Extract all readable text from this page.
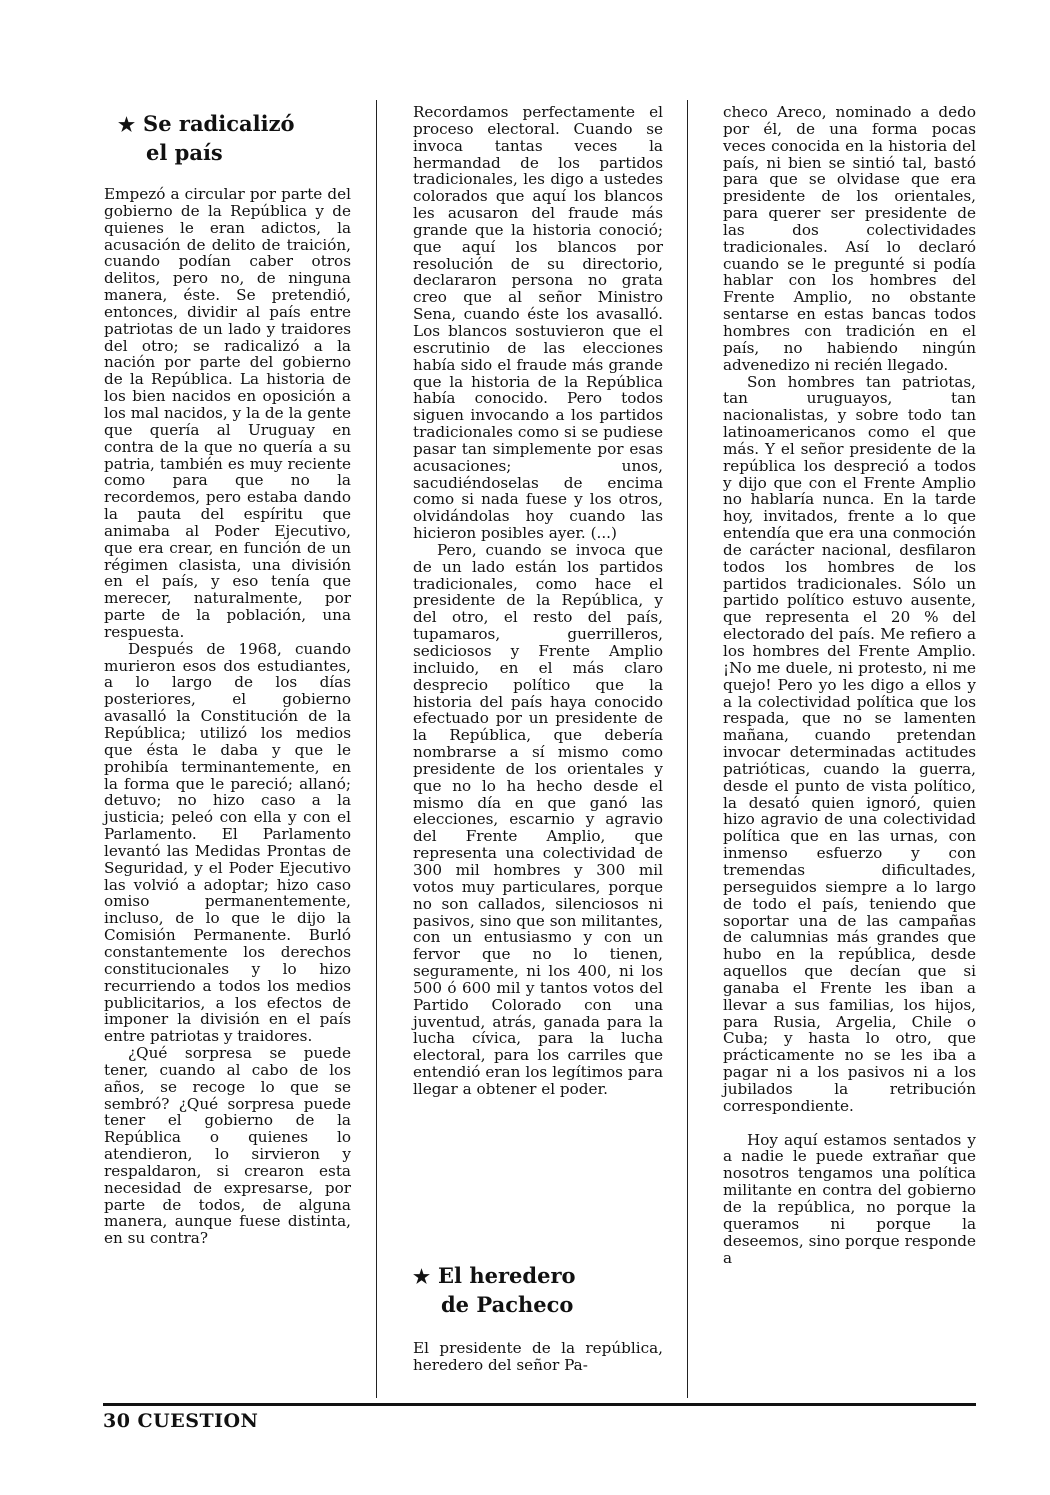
★ Se radicalizó
el país

Empezó a circular por parte del gobierno de la República y de quienes le eran adictos, la acusación de delito de traición, cuando podían caber otros delitos, pero no, de ninguna manera, éste. Se pretendió, entonces, dividir al país entre patriotas de un lado y traidores del otro; se radicalizó a la nación por parte del gobierno de la República. La historia de los bien nacidos en oposición a los mal nacidos, y la de la gente que quería al Uruguay en contra de la que no quería a su patria, también es muy reciente como para que no la recordemos, pero estaba dando la pauta del espíritu que animaba al Poder Ejecutivo, que era crear, en función de un régimen clasista, una división en el país, y eso tenía que merecer, naturalmente, por parte de la población, una respuesta.

Después de 1968, cuando murieron esos dos estudiantes, a lo largo de los días posteriores, el gobierno avasalló la Constitución de la República; utilizó los medios que ésta le daba y que le prohibía terminantemente, en la forma que le pareció; allanó; detuvo; no hizo caso a la justicia; peleó con ella y con el Parlamento. El Parlamento levantó las Medidas Prontas de Seguridad, y el Poder Ejecutivo las volvió a adoptar; hizo caso omiso permanentemente, incluso, de lo que le dijo la Comisión Permanente. Burló constantemente los derechos constitucionales y lo hizo recurriendo a todos los medios publicitarios, a los efectos de imponer la división en el país entre patriotas y traidores.

¿Qué sorpresa se puede tener, cuando al cabo de los años, se recoge lo que se sembró? ¿Qué sorpresa puede tener el gobierno de la República o quienes lo atendieron, lo sirvieron y respaldaron, si crearon esta necesidad de expresarse, por parte de todos, de alguna manera, aunque fuese distinta, en su contra?

Recordamos perfectamente el proceso electoral. Cuando se invoca tantas veces la hermandad de los partidos tradicionales, les digo a ustedes colorados que aquí los blancos les acusaron del fraude más grande que la historia conoció; que aquí los blancos por resolución de su directorio, declararon persona no grata creo que al señor Ministro Sena, cuando éste los avasalló. Los blancos sostuvieron que el escrutinio de las elecciones había sido el fraude más grande que la historia de la República había conocido. Pero todos siguen invocando a los partidos tradicionales como si se pudiese pasar tan simplemente por esas acusaciones; unos, sacudiéndoselas de encima como si nada fuese y los otros, olvidándolas hoy cuando las hicieron posibles ayer. (...)

Pero, cuando se invoca que de un lado están los partidos tradicionales, como hace el presidente de la República, y del otro, el resto del país, tupamaros, guerrilleros, sediciosos y Frente Amplio incluido, en el más claro desprecio político que la historia del país haya conocido efectuado por un presidente de la República, que debería nombrarse a sí mismo como presidente de los orientales y que no lo ha hecho desde el mismo día en que ganó las elecciones, escarnio y agravio del Frente Amplio, que representa una colectividad de 300 mil hombres y 300 mil votos muy particulares, porque no son callados, silenciosos ni pasivos, sino que son militantes, con un entusiasmo y con un fervor que no lo tienen, seguramente, ni los 400, ni los 500 ó 600 mil y tantos votos del Partido Colorado con una juventud, atrás, ganada para la lucha cívica, para la lucha electoral, para los carriles que entendió eran los legítimos para llegar a obtener el poder.

★ El heredero
de Pacheco

El presidente de la república, heredero del señor Pa-

checo Areco, nominado a dedo por él, de una forma pocas veces conocida en la historia del país, ni bien se sintió tal, bastó para que se olvidase que era presidente de los orientales, para querer ser presidente de las dos colectividades tradicionales. Así lo declaró cuando se le pregunté si podía hablar con los hombres del Frente Amplio, no obstante sentarse en estas bancas todos hombres con tradición en el país, no habiendo ningún advenedizo ni recién llegado.

Son hombres tan patriotas, tan uruguayos, tan nacionalistas, y sobre todo tan latinoamericanos como el que más. Y el señor presidente de la república los despreció a todos y dijo que con el Frente Amplio no hablaría nunca. En la tarde hoy, invitados, frente a lo que entendía que era una conmoción de carácter nacional, desfilaron todos los hombres de los partidos tradicionales. Sólo un partido político estuvo ausente, que representa el 20 % del electorado del país. Me refiero a los hombres del Frente Amplio. ¡No me duele, ni protesto, ni me quejo! Pero yo les digo a ellos y a la colectividad política que los respada, que no se lamenten mañana, cuando pretendan invocar determinadas actitudes patrióticas, cuando la guerra, desde el punto de vista político, la desató quien ignoró, quien hizo agravio de una colectividad política que en las urnas, con inmenso esfuerzo y con tremendas dificultades, perseguidos siempre a lo largo de todo el país, teniendo que soportar una de las campañas de calumnias más grandes que hubo en la república, desde aquellos que decían que si ganaba el Frente les iban a llevar a sus familias, los hijos, para Rusia, Argelia, Chile o Cuba; y hasta lo otro, que prácticamente no se les iba a pagar ni a los pasivos ni a los jubilados la retribución correspondiente.

Hoy aquí estamos sentados y a nadie le puede extrañar que nosotros tengamos una política militante en contra del gobierno de la república, no porque la queramos ni porque la deseemos, sino porque responde a

30 CUESTION
